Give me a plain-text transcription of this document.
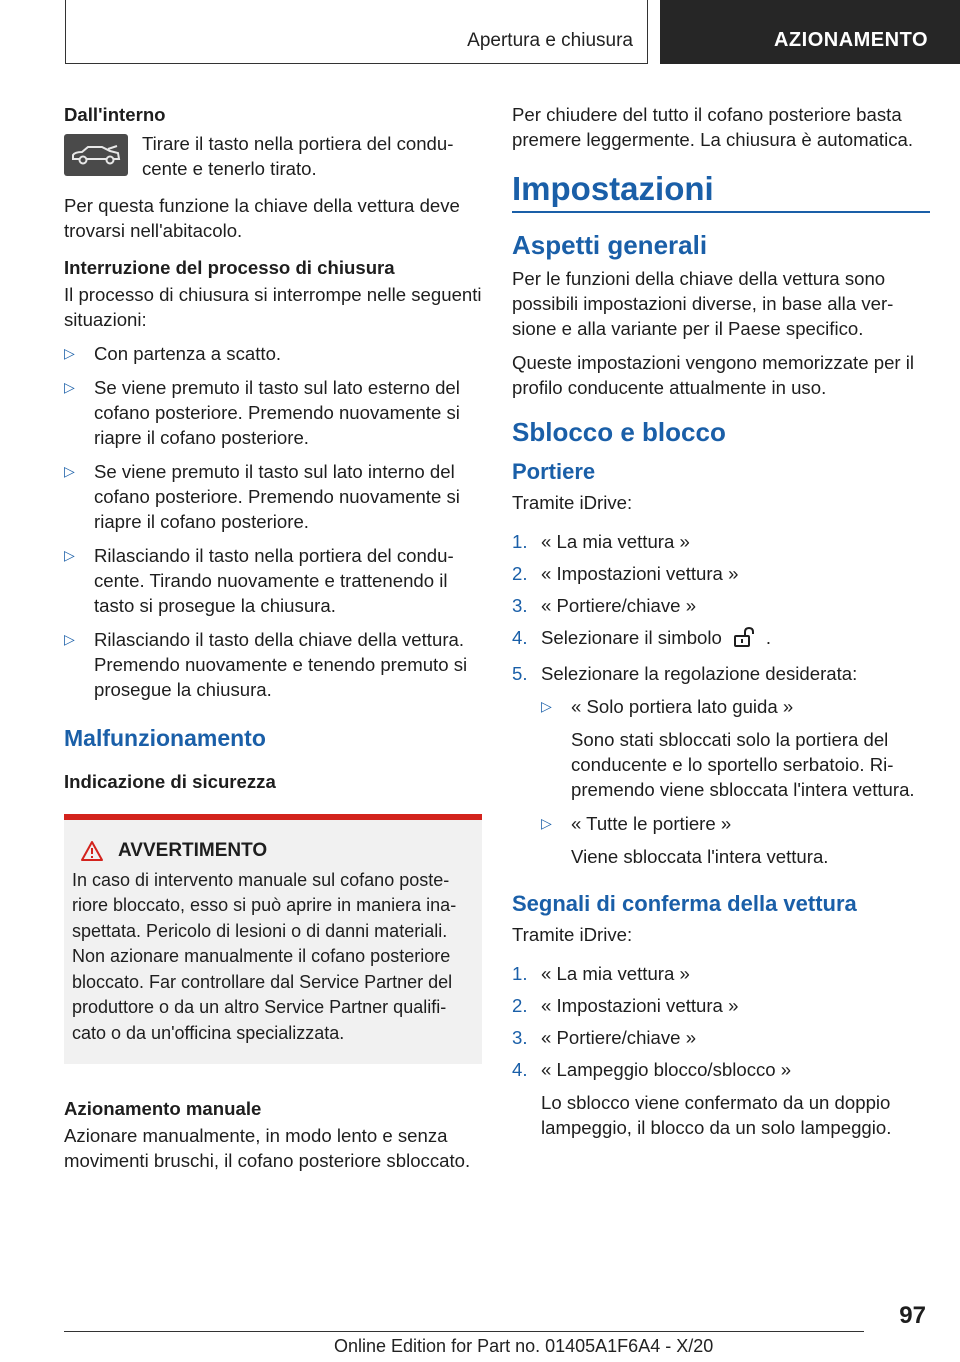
Apertura e chiusura	AZIONAMENTO

Dall'interno

Tirare il tasto nella portiera del conducente e tenerlo tirato.

Per questa funzione la chiave della vettura deve trovarsi nell'abitacolo.

Interruzione del processo di chiusura

Il processo di chiusura si interrompe nelle seguenti situazioni:

▷ Con partenza a scatto.
▷ Se viene premuto il tasto sul lato esterno del cofano posteriore. Premendo nuovamente si riapre il cofano posteriore.
▷ Se viene premuto il tasto sul lato interno del cofano posteriore. Premendo nuovamente si riapre il cofano posteriore.
▷ Rilasciando il tasto nella portiera del conducente. Tirando nuovamente e trattenendo il tasto si prosegue la chiusura.
▷ Rilasciando il tasto della chiave della vettura. Premendo nuovamente e tenendo premuto si prosegue la chiusura.
Malfunzionamento

Indicazione di sicurezza

AVVERTIMENTO
In caso di intervento manuale sul cofano posteriore bloccato, esso si può aprire in maniera inaspettata. Pericolo di lesioni o di danni materiali.
Non azionare manualmente il cofano posteriore bloccato. Far controllare dal Service Partner del produttore o da un altro Service Partner qualificato o da un'officina specializzata.

Azionamento manuale

Azionare manualmente, in modo lento e senza movimenti bruschi, il cofano posteriore sbloccato.

Per chiudere del tutto il cofano posteriore basta premere leggermente. La chiusura è automatica.

Impostazioni
Aspetti generali

Per le funzioni della chiave della vettura sono possibili impostazioni diverse, in base alla versione e alla variante per il Paese specifico.

Queste impostazioni vengono memorizzate per il profilo conducente attualmente in uso.

Sblocco e blocco
Portiere

Tramite iDrive:

1. « La mia vettura »
2. « Impostazioni vettura »
3. « Portiere/chiave »
4. Selezionare il simbolo .
5. Selezionare la regolazione desiderata:
▷ « Solo portiera lato guida »
Sono stati sbloccati solo la portiera del conducente e lo sportello serbatoio. Ripremendo viene sbloccata l'intera vettura.
▷ « Tutte le portiere »
Viene sbloccata l'intera vettura.
Segnali di conferma della vettura

Tramite iDrive:

1. « La mia vettura »
2. « Impostazioni vettura »
3. « Portiere/chiave »
4. « Lampeggio blocco/sblocco »
Lo sblocco viene confermato da un doppio lampeggio, il blocco da un solo lampeggio.
97
Online Edition for Part no. 01405A1F6A4 - X/20
